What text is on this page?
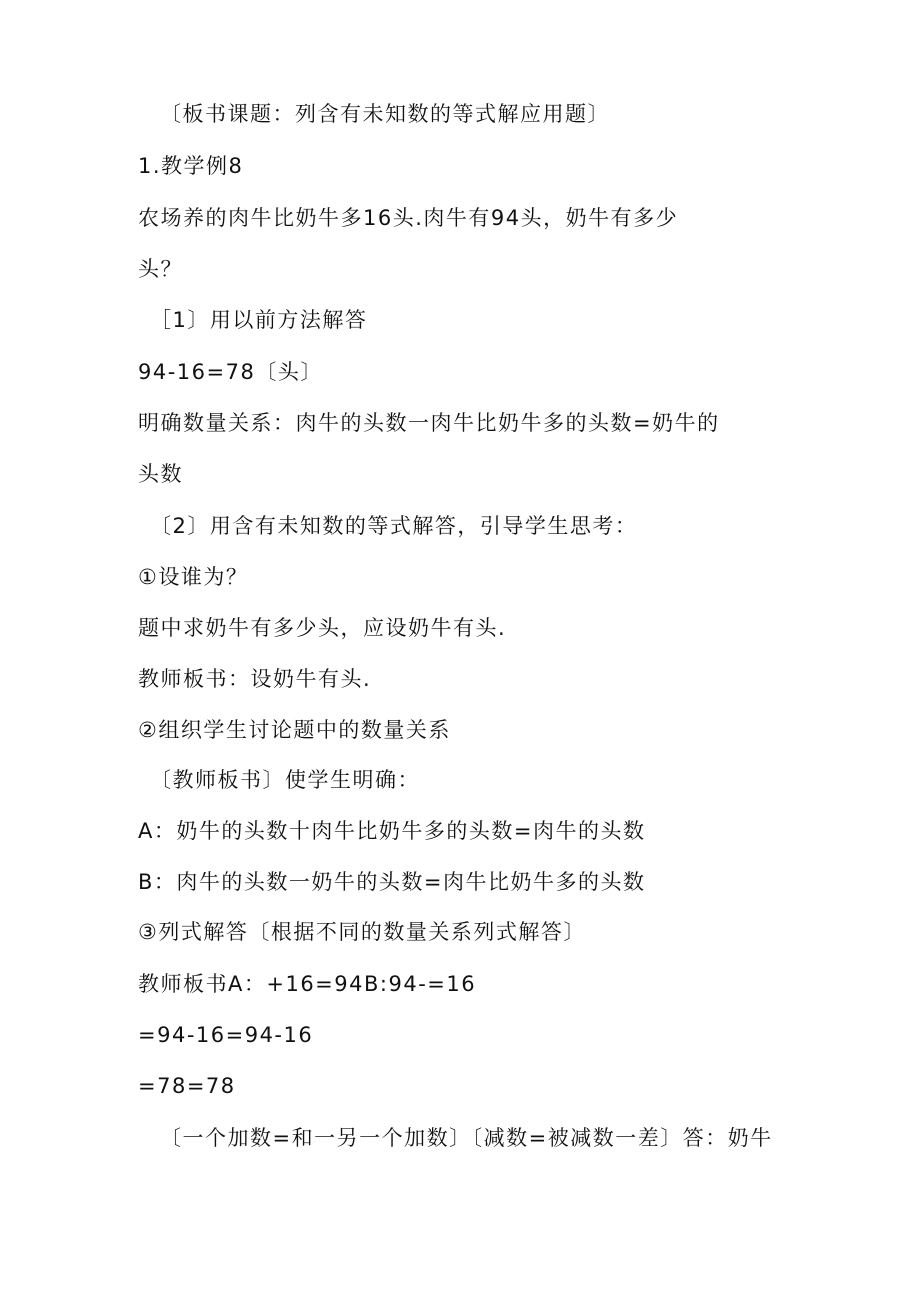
〔板书课题：列含有未知数的等式解应用题〕
1.教学例8
农场养的肉牛比奶牛多16头.肉牛有94头，奶牛有多少
头？
［1〕用以前方法解答
94-16=78〔头〕
明确数量关系：肉牛的头数一肉牛比奶牛多的头数=奶牛的
头数
〔2〕用含有未知数的等式解答，引导学生思考：
①设谁为？
题中求奶牛有多少头，应设奶牛有头.
教师板书：设奶牛有头.
②组织学生讨论题中的数量关系
〔教师板书〕使学生明确：
A：奶牛的头数十肉牛比奶牛多的头数=肉牛的头数
B：肉牛的头数一奶牛的头数=肉牛比奶牛多的头数
③列式解答〔根据不同的数量关系列式解答〕
教师板书A：+16=94B:94-=16
=94-16=94-16
=78=78
〔一个加数=和一另一个加数〕〔减数=被减数一差〕答：奶牛
